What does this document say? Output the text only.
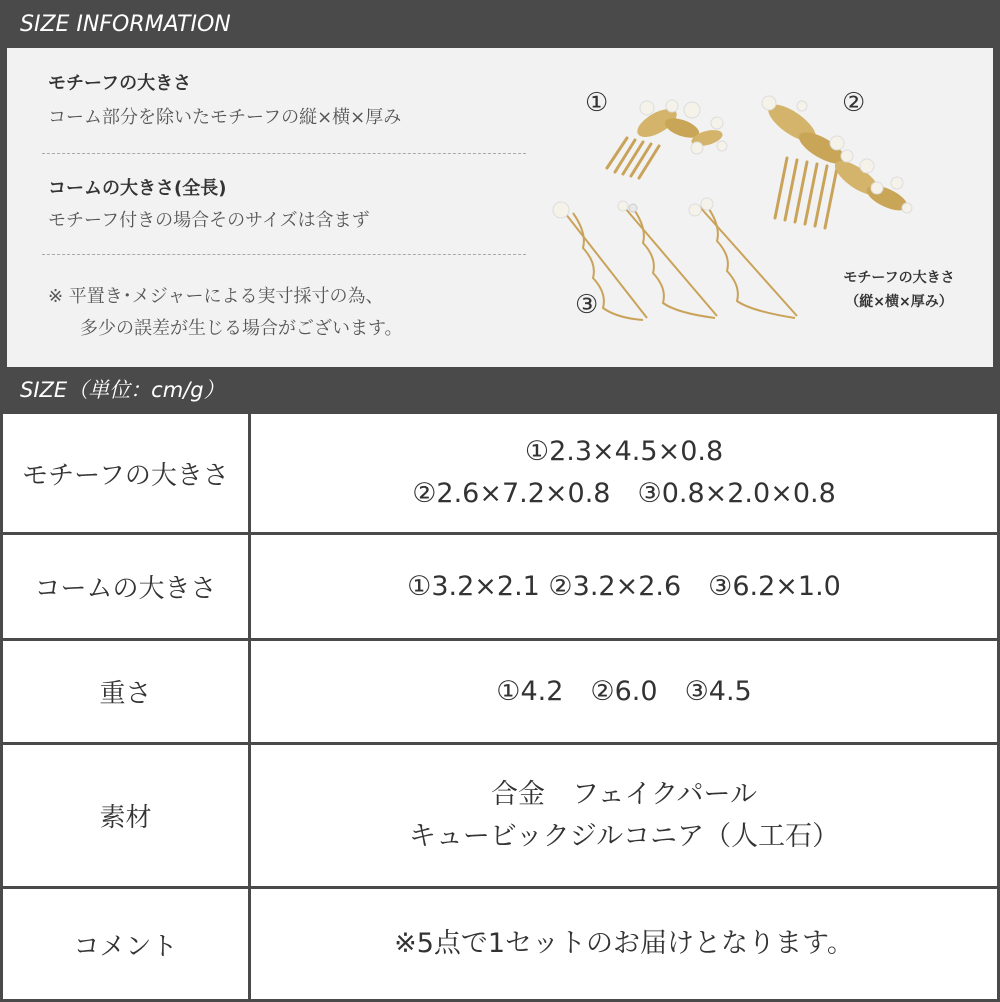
SIZE INFORMATION
モチーフの大きさ
コーム部分を除いたモチーフの縦×横×厚み
コームの大きさ(全長)
モチーフ付きの場合そのサイズは含まず
※ 平置き･メジャーによる実寸採寸の為、
多少の誤差が生じる場合がございます。
①	②
③
モチーフの大きさ
（縦×横×厚み）
SIZE（単位：cm/g）
モチーフの大きさ	①2.3×4.5×0.8
②2.6×7.2×0.8　③0.8×2.0×0.8

コームの大きさ	①3.2×2.1 ②3.2×2.6　③6.2×1.0

重さ	①4.2　②6.0　③4.5

素材	合金　フェイクパール
キュービックジルコニア（人工石）

コメント	※5点で1セットのお届けとなります。
